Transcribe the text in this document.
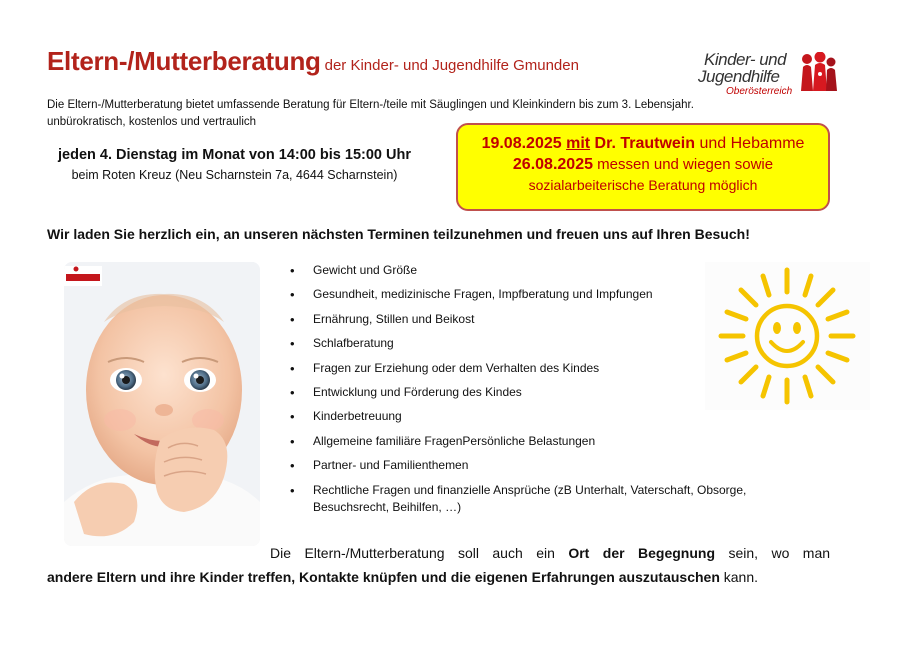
Eltern-/Mutterberatung der Kinder- und Jugendhilfe Gmunden	Kinder- und
Jugendhilfe
Oberösterreich
Die Eltern-/Mutterberatung bietet umfassende Beratung für Eltern-/teile mit Säuglingen und Kleinkindern bis zum 3. Lebensjahr. unbürokratisch, kostenlos und vertraulich
jeden 4. Dienstag im Monat von 14:00 bis 15:00 Uhr
beim Roten Kreuz (Neu Scharnstein 7a, 4644 Scharnstein)
19.08.2025 mit Dr. Trautwein und Hebamme
26.08.2025 messen und wiegen sowie
sozialarbeiterische Beratung möglich
Wir laden Sie herzlich ein, an unseren nächsten Terminen teilzunehmen und freuen uns auf Ihren Besuch!
• Gewicht und Größe
• Gesundheit, medizinische Fragen, Impfberatung und Impfungen
• Ernährung, Stillen und Beikost
• Schlafberatung
• Fragen zur Erziehung oder dem Verhalten des Kindes
• Entwicklung und Förderung des Kindes
• Kinderbetreuung
• Allgemeine familiäre FragenPersönliche Belastungen
• Partner- und Familienthemen
• Rechtliche Fragen und finanzielle Ansprüche (zB Unterhalt, Vaterschaft, Obsorge, Besuchsrecht, Beihilfen, …)
Die Eltern-/Mutterberatung soll auch ein Ort der Begegnung sein, wo man
andere Eltern und ihre Kinder treffen, Kontakte knüpfen und die eigenen Erfahrungen auszutauschen kann.
